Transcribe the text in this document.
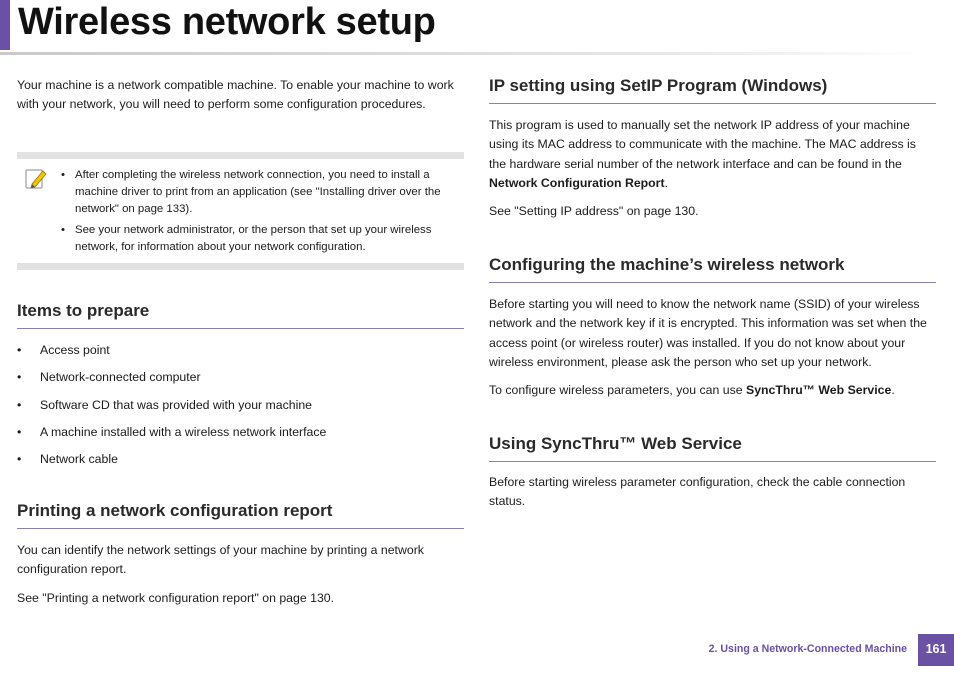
Wireless network setup

Your machine is a network compatible machine. To enable your machine to work with your network, you will need to perform some configuration procedures.

• After completing the wireless network connection, you need to install a machine driver to print from an application (see "Installing driver over the network" on page 133).
• See your network administrator, or the person that set up your wireless network, for information about your network configuration.
Items to prepare
• Access point
• Network-connected computer
• Software CD that was provided with your machine
• A machine installed with a wireless network interface
• Network cable
Printing a network configuration report

You can identify the network settings of your machine by printing a network configuration report.

See "Printing a network configuration report" on page 130.

IP setting using SetIP Program (Windows)

This program is used to manually set the network IP address of your machine using its MAC address to communicate with the machine. The MAC address is the hardware serial number of the network interface and can be found in the Network Configuration Report.

See "Setting IP address" on page 130.

Configuring the machine’s wireless network

Before starting you will need to know the network name (SSID) of your wireless network and the network key if it is encrypted. This information was set when the access point (or wireless router) was installed. If you do not know about your wireless environment, please ask the person who set up your network.

To configure wireless parameters, you can use SyncThru™ Web Service.

Using SyncThru™ Web Service

Before starting wireless parameter configuration, check the cable connection status.

2. Using a Network-Connected Machine	161
